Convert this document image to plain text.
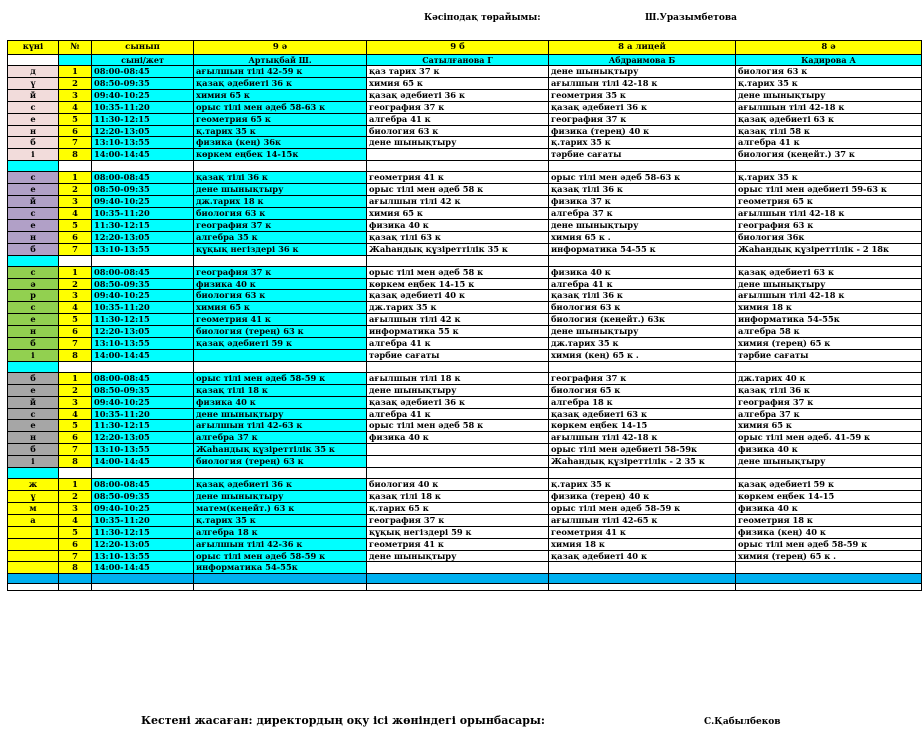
Кәсіподақ төрайымы:	Ш.Уразымбетова
күні	№	сынып	9 ә	9 б	8 а лицей	8 ә
		сыні/жет	Артықбай Ш.	Сатылғанова Г	Абдраимова Б	Кадирова А
д	1	08:00-08:45	ағылшын тілі 42-59 к	қаз тарих 37 к	дене шынықтыру	биология 63 к
ү	2	08:50-09:35	қазақ әдебиеті 36 к	химия 65 к	ағылшын тілі 42-18 к	қ.тарих 35 к
й	3	09:40-10:25	химия 65 к	қазақ әдебиеті 36 к	геометрия 35 к	дене шынықтыру
с	4	10:35-11:20	орыс тілі мен әдеб 58-63 к	география 37 к	қазақ әдебиеті 36 к	ағылшын тілі 42-18 к
е	5	11:30-12:15	геометрия 65 к	алгебра 41 к	география 37 к	қазақ әдебиеті 63 к
н	6	12:20-13:05	қ.тарих 35 к	биология 63 к	физика (терең) 40 к	қазақ тілі 58 к
б	7	13:10-13:55	физика (кең) 36к	дене шынықтыру	қ.тарих 35 к	алгебра 41 к
і	8	14:00-14:45	көркем еңбек 14-15к		тәрбие сағаты	биология (кеңейт.) 37 к

с	1	08:00-08:45	қазақ тілі 36 к	геометрия 41 к	орыс тілі мен әдеб 58-63 к	қ.тарих 35 к
е	2	08:50-09:35	дене шынықтыру	орыс тілі мен әдеб 58 к	қазақ тілі 36 к	орыс тілі мен әдебиеті 59-63 к
й	3	09:40-10:25	дж.тарих 18 к	ағылшын тілі 42 к	физика 37 к	геометрия 65 к
с	4	10:35-11:20	биология 63 к	химия 65 к	алгебра 37 к	ағылшын тілі 42-18 к
е	5	11:30-12:15	география 37 к	физика 40 к	дене шынықтыру	география 63 к
н	6	12:20-13:05	алгебра 35 к	қазақ тілі 63 к	химия 65 к .	биология 36к
б	7	13:10-13:55	құқық негіздері 36 к	Жаһандық құзіреттілік 35 к	информатика 54-55 к	Жаһандық құзіреттілік - 2 18к

с	1	08:00-08:45	география 37 к	орыс тілі мен әдеб 58 к	физика 40 к	қазақ әдебиеті 63 к
ә	2	08:50-09:35	физика 40 к	көркем еңбек 14-15 к	алгебра 41 к	дене шынықтыру
р	3	09:40-10:25	биология 63 к	қазақ әдебиеті 40 к	қазақ тілі 36 к	ағылшын тілі 42-18 к
с	4	10:35-11:20	химия 65 к	дж.тарих 35 к	биология 63 к	химия 18 к
е	5	11:30-12:15	геометрия 41 к	ағылшын тілі 42 к	биология (кеңейт.) 63к	информатика 54-55к
н	6	12:20-13:05	биология (терең) 63 к	информатика 55 к	дене шынықтыру	алгебра 58 к
б	7	13:10-13:55	қазақ әдебиеті 59 к	алгебра 41 к	дж.тарих 35 к	химия (терең) 65 к
і	8	14:00-14:45		тәрбие сағаты	химия (кең) 65 к .	тәрбие сағаты

б	1	08:00-08:45	орыс тілі мен әдеб 58-59 к	ағылшын тілі 18 к	география 37 к	дж.тарих 40 к
е	2	08:50-09:35	қазақ тілі 18 к	дене шынықтыру	биология 65 к	қазақ тілі 36 к
й	3	09:40-10:25	физика 40 к	қазақ әдебиеті 36 к	алгебра 18 к	география 37 к
с	4	10:35-11:20	дене шынықтыру	алгебра 41 к	қазақ әдебиеті 63 к	алгебра 37 к
е	5	11:30-12:15	ағылшын тілі 42-63 к	орыс тілі мен әдеб 58 к	көркем еңбек 14-15	химия 65 к
н	6	12:20-13:05	алгебра 37 к	физика 40 к	ағылшын тілі 42-18 к	орыс тілі мен әдеб. 41-59 к
б	7	13:10-13:55	Жаһандық құзіреттілік 35 к		орыс тілі мен әдебиеті 58-59к	физика 40 к
і	8	14:00-14:45	биология (терең) 63 к		Жаһандық құзіреттілік - 2 35 к	дене шынықтыру

ж	1	08:00-08:45	қазақ әдебиеті 36 к	биология 40 к	қ.тарих 35 к	қазақ әдебиеті 59 к
ұ	2	08:50-09:35	дене шынықтыру	қазақ тілі 18 к	физика (терең) 40 к	көркем еңбек 14-15
м	3	09:40-10:25	матем(кеңейт.) 63 к	қ.тарих 65 к	орыс тілі мен әдеб 58-59 к	физика 40 к
а	4	10:35-11:20	қ.тарих 35 к	география 37 к	ағылшын тілі 42-65 к	геометрия 18 к
	5	11:30-12:15	алгебра 18 к	құқық негіздері 59 к	геометрия 41 к	физика (кең) 40 к
	6	12:20-13:05	ағылшын тілі 42-36 к	геометрия 41 к	химия 18 к	орыс тілі мен әдеб 58-59 к
	7	13:10-13:55	орыс тілі мен әдеб 58-59 к	дене шынықтыру	қазақ әдебиеті 40 к	химия (терең) 65 к .
	8	14:00-14:45	информатика 54-55к			

Кестені жасаған: директордың оқу ісі жөніндегі орынбасары:	С.Қабылбеков
